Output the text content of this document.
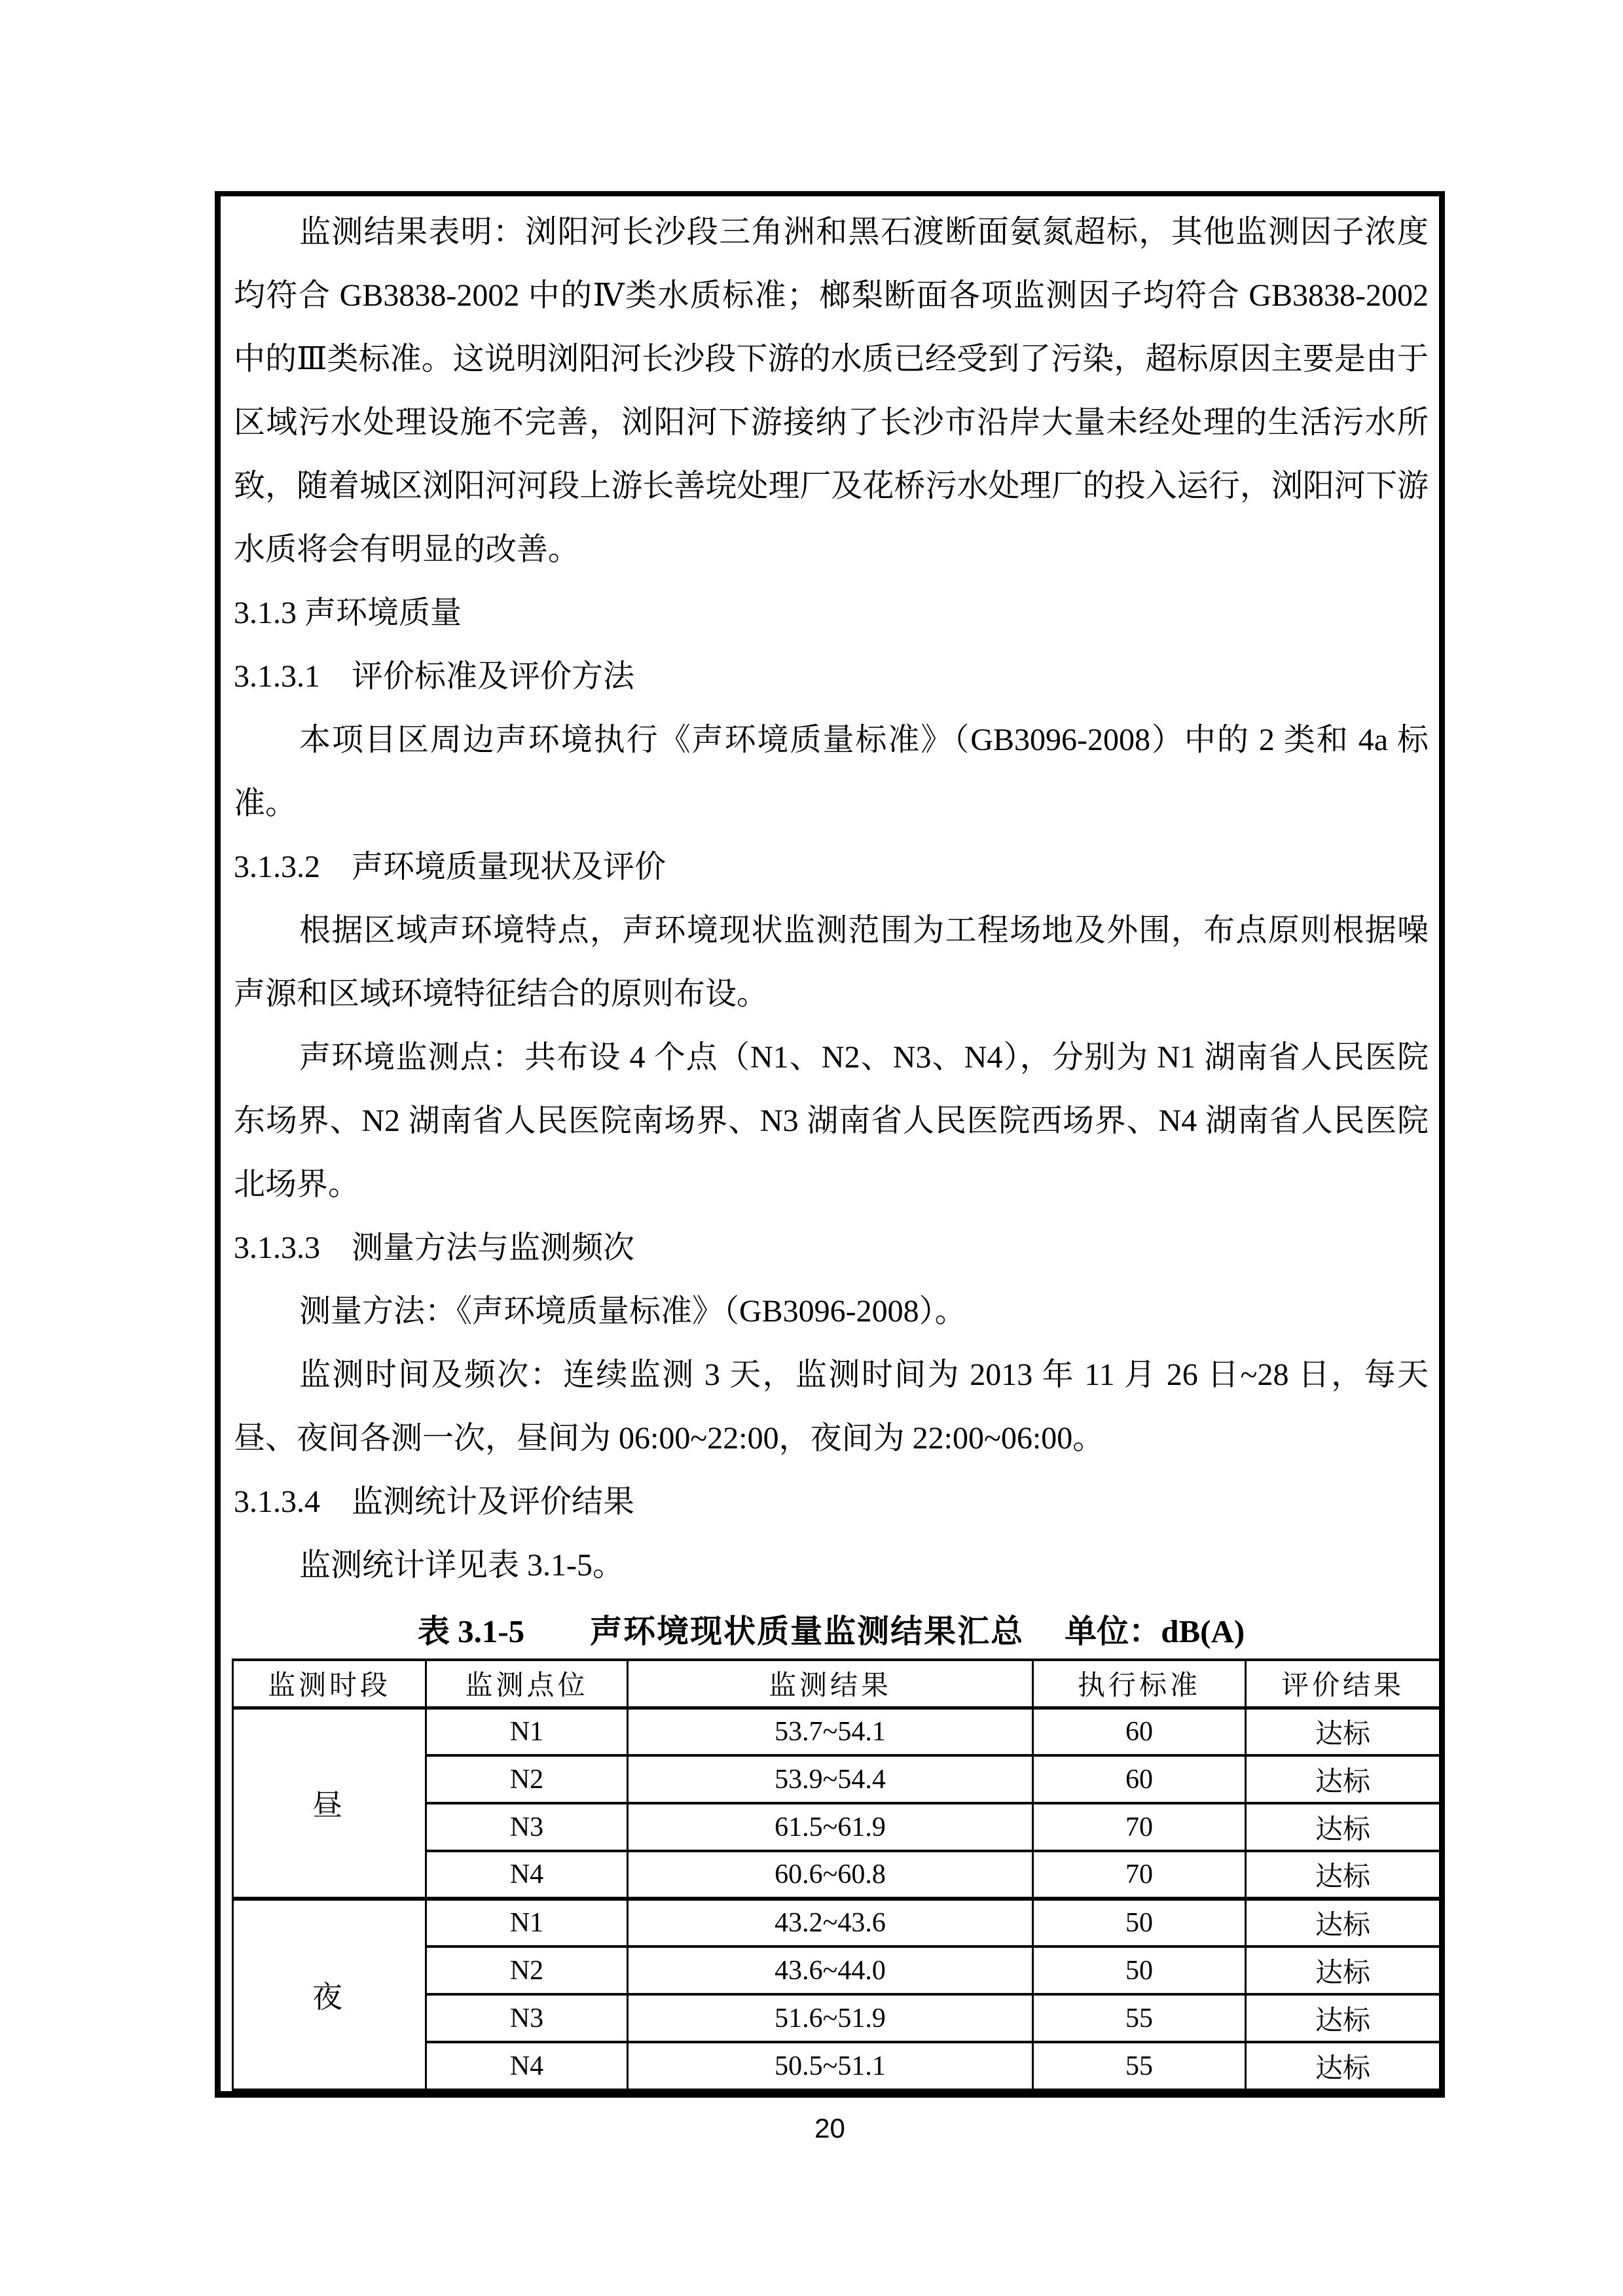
监测结果表明：浏阳河长沙段三角洲和黑石渡断面氨氮超标，其他监测因子浓度均符合 GB3838-2002 中的Ⅳ类水质标准；榔梨断面各项监测因子均符合 GB3838-2002 中的Ⅲ类标准。这说明浏阳河长沙段下游的水质已经受到了污染，超标原因主要是由于区域污水处理设施不完善，浏阳河下游接纳了长沙市沿岸大量未经处理的生活污水所致，随着城区浏阳河河段上游长善垸处理厂及花桥污水处理厂的投入运行，浏阳河下游水质将会有明显的改善。

3.1.3 声环境质量
3.1.3.1　评价标准及评价方法

本项目区周边声环境执行《声环境质量标准》（GB3096-2008）中的 2 类和 4a 标准。

3.1.3.2　声环境质量现状及评价

根据区域声环境特点，声环境现状监测范围为工程场地及外围，布点原则根据噪声源和区域环境特征结合的原则布设。

声环境监测点：共布设 4 个点（N1、N2、N3、N4），分别为 N1 湖南省人民医院东场界、N2 湖南省人民医院南场界、N3 湖南省人民医院西场界、N4 湖南省人民医院北场界。

3.1.3.3　测量方法与监测频次

测量方法：《声环境质量标准》（GB3096-2008）。

监测时间及频次：连续监测 3 天，监测时间为 2013 年 11 月 26 日~28 日，每天昼、夜间各测一次，昼间为 06:00~22:00，夜间为 22:00~06:00。

3.1.3.4　监测统计及评价结果

监测统计详见表 3.1-5。

表 3.1-5 声环境现状质量监测结果汇总 单位：dB(A)
监测时段	监测点位	监测结果	执行标准	评价结果
昼	N1	53.7~54.1	60	达标
	N2	53.9~54.4	60	达标
	N3	61.5~61.9	70	达标
	N4	60.6~60.8	70	达标
夜	N1	43.2~43.6	50	达标
	N2	43.6~44.0	50	达标
	N3	51.6~51.9	55	达标
	N4	50.5~51.1	55	达标
20
